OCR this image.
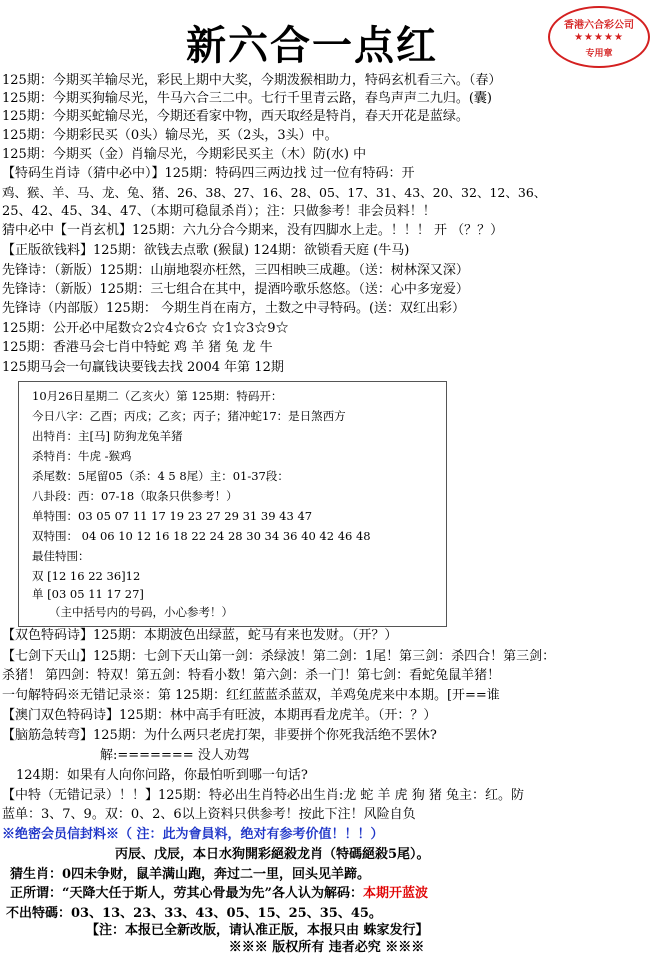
新六合一点红	香港六合彩公司
★★★★★
专用章
125期：今期买羊输尽光，彩民上期中大奖，今期泼猴相助力，特码玄机看三六。（春）
125期：今期买狗输尽光，牛马六合三二中。七行千里青云路，春鸟声声二九归。(囊)
125期：今期买蛇输尽光，今期还看家中物，西天取经是特肖，春天开花是蓝绿。
125期：今期彩民买（0头）输尽光，买（2头，3头）中。
125期：今期买（金）肖输尽光，今期彩民买主（木）防(水) 中
【特码生肖诗（猜中必中）】125期：特码四三两边找 过一位有特码：开
鸡、猴、羊、马、龙、兔、猪、26、38、27、16、28、05、17、31、43、20、32、12、36、
25、42、45、34、47、（本期可稳鼠杀肖）；注：只做参考！非会员料！！
猜中必中【一肖玄机】125期：六九分合今期来，没有四脚水上走。！！！ 开 （？？）
【正版欲钱料】125期：欲钱去点歌 (猴鼠) 124期：欲锁看天庭 (牛马)
先锋诗：（新版）125期：山崩地裂亦枉然，三四相映三成趣。（送：树林深又深）
先锋诗：（新版）125期：三七组合在其中，提酒吟歌乐悠悠。（送：心中多宠爱）
先锋诗（内部版）125期： 今期生肖在南方，土数之中寻特码。(送：双红出彩）
125期：公开必中尾数☆2☆4☆6☆ ☆1☆3☆9☆
125期：香港马会七肖中特蛇 鸡 羊 猪 兔 龙 牛
125期马会一句赢钱诀要钱去找 2004 年第 12期
10月26日星期二（乙亥火）第 125期：特码开：
今日八字：乙酉；丙戌；乙亥；丙子；猪冲蛇17：是日煞西方
出特肖：主[马] 防狗龙兔羊猪
杀特肖：牛虎 -猴鸡
杀尾数：5尾留05（杀：4 5 8尾）主：01-37段：
八卦段：西：07-18（取条只供参考！）
单特围：03 05 07 11 17 19 23 27 29 31 39 43 47
双特围： 04 06 10 12 16 18 22 24 28 30 34 36 40 42 46 48
最佳特围：
双 [12 16 22 36]12
单 [03 05 11 17 27]
（主中括号内的号码，小心参考！）
【双色特码诗】125期：本期波色出绿蓝，蛇马有来也发财。（开？）
【七剑下天山】125期：七剑下天山第一剑：杀绿波！第二剑：1尾！第三剑：杀四合！第三剑：
杀猪！ 第四剑：特双！第五剑：特看小数！第六剑：杀一门！第七剑：看蛇兔鼠羊猪！
一句解特码※无错记录※：第 125期：红红蓝蓝杀蓝双，羊鸡兔虎来中本期。[开==谁
【澳门双色特码诗】125期：林中高手有旺波，本期再看龙虎羊。（开：？）
【脑筋急转弯】125期：为什么两只老虎打架，非要拼个你死我活绝不罢休?
解:======= 没人劝驾
124期：如果有人向你问路，你最怕听到哪一句话?
【中特（无错记录）！！】125期：特必出生肖特必出生肖:龙 蛇 羊 虎 狗 猪 兔主：红。防
蓝单：3、7、9。双：0、2、6以上资料只供参考！按此下注！风险自负
※绝密会员信封料※（ 注：此为會員料，绝对有参考价值！！！）
丙辰、戊辰，本日水狗開彩絕殺龙肖（特碼絕殺5尾）。
猜生肖：0四未争财，鼠羊满山跑，奔过二一里，回头见羊蹄。
正所谓：“天降大任于斯人，劳其心骨最为先”各人认为解码：本期开蓝波
不出特碼：03、13、23、33、43、05、15、25、35、45。
【注：本报已全新改版，请认准正版，本报只由 蛛家发行】
※※※ 版权所有 违者必究 ※※※
